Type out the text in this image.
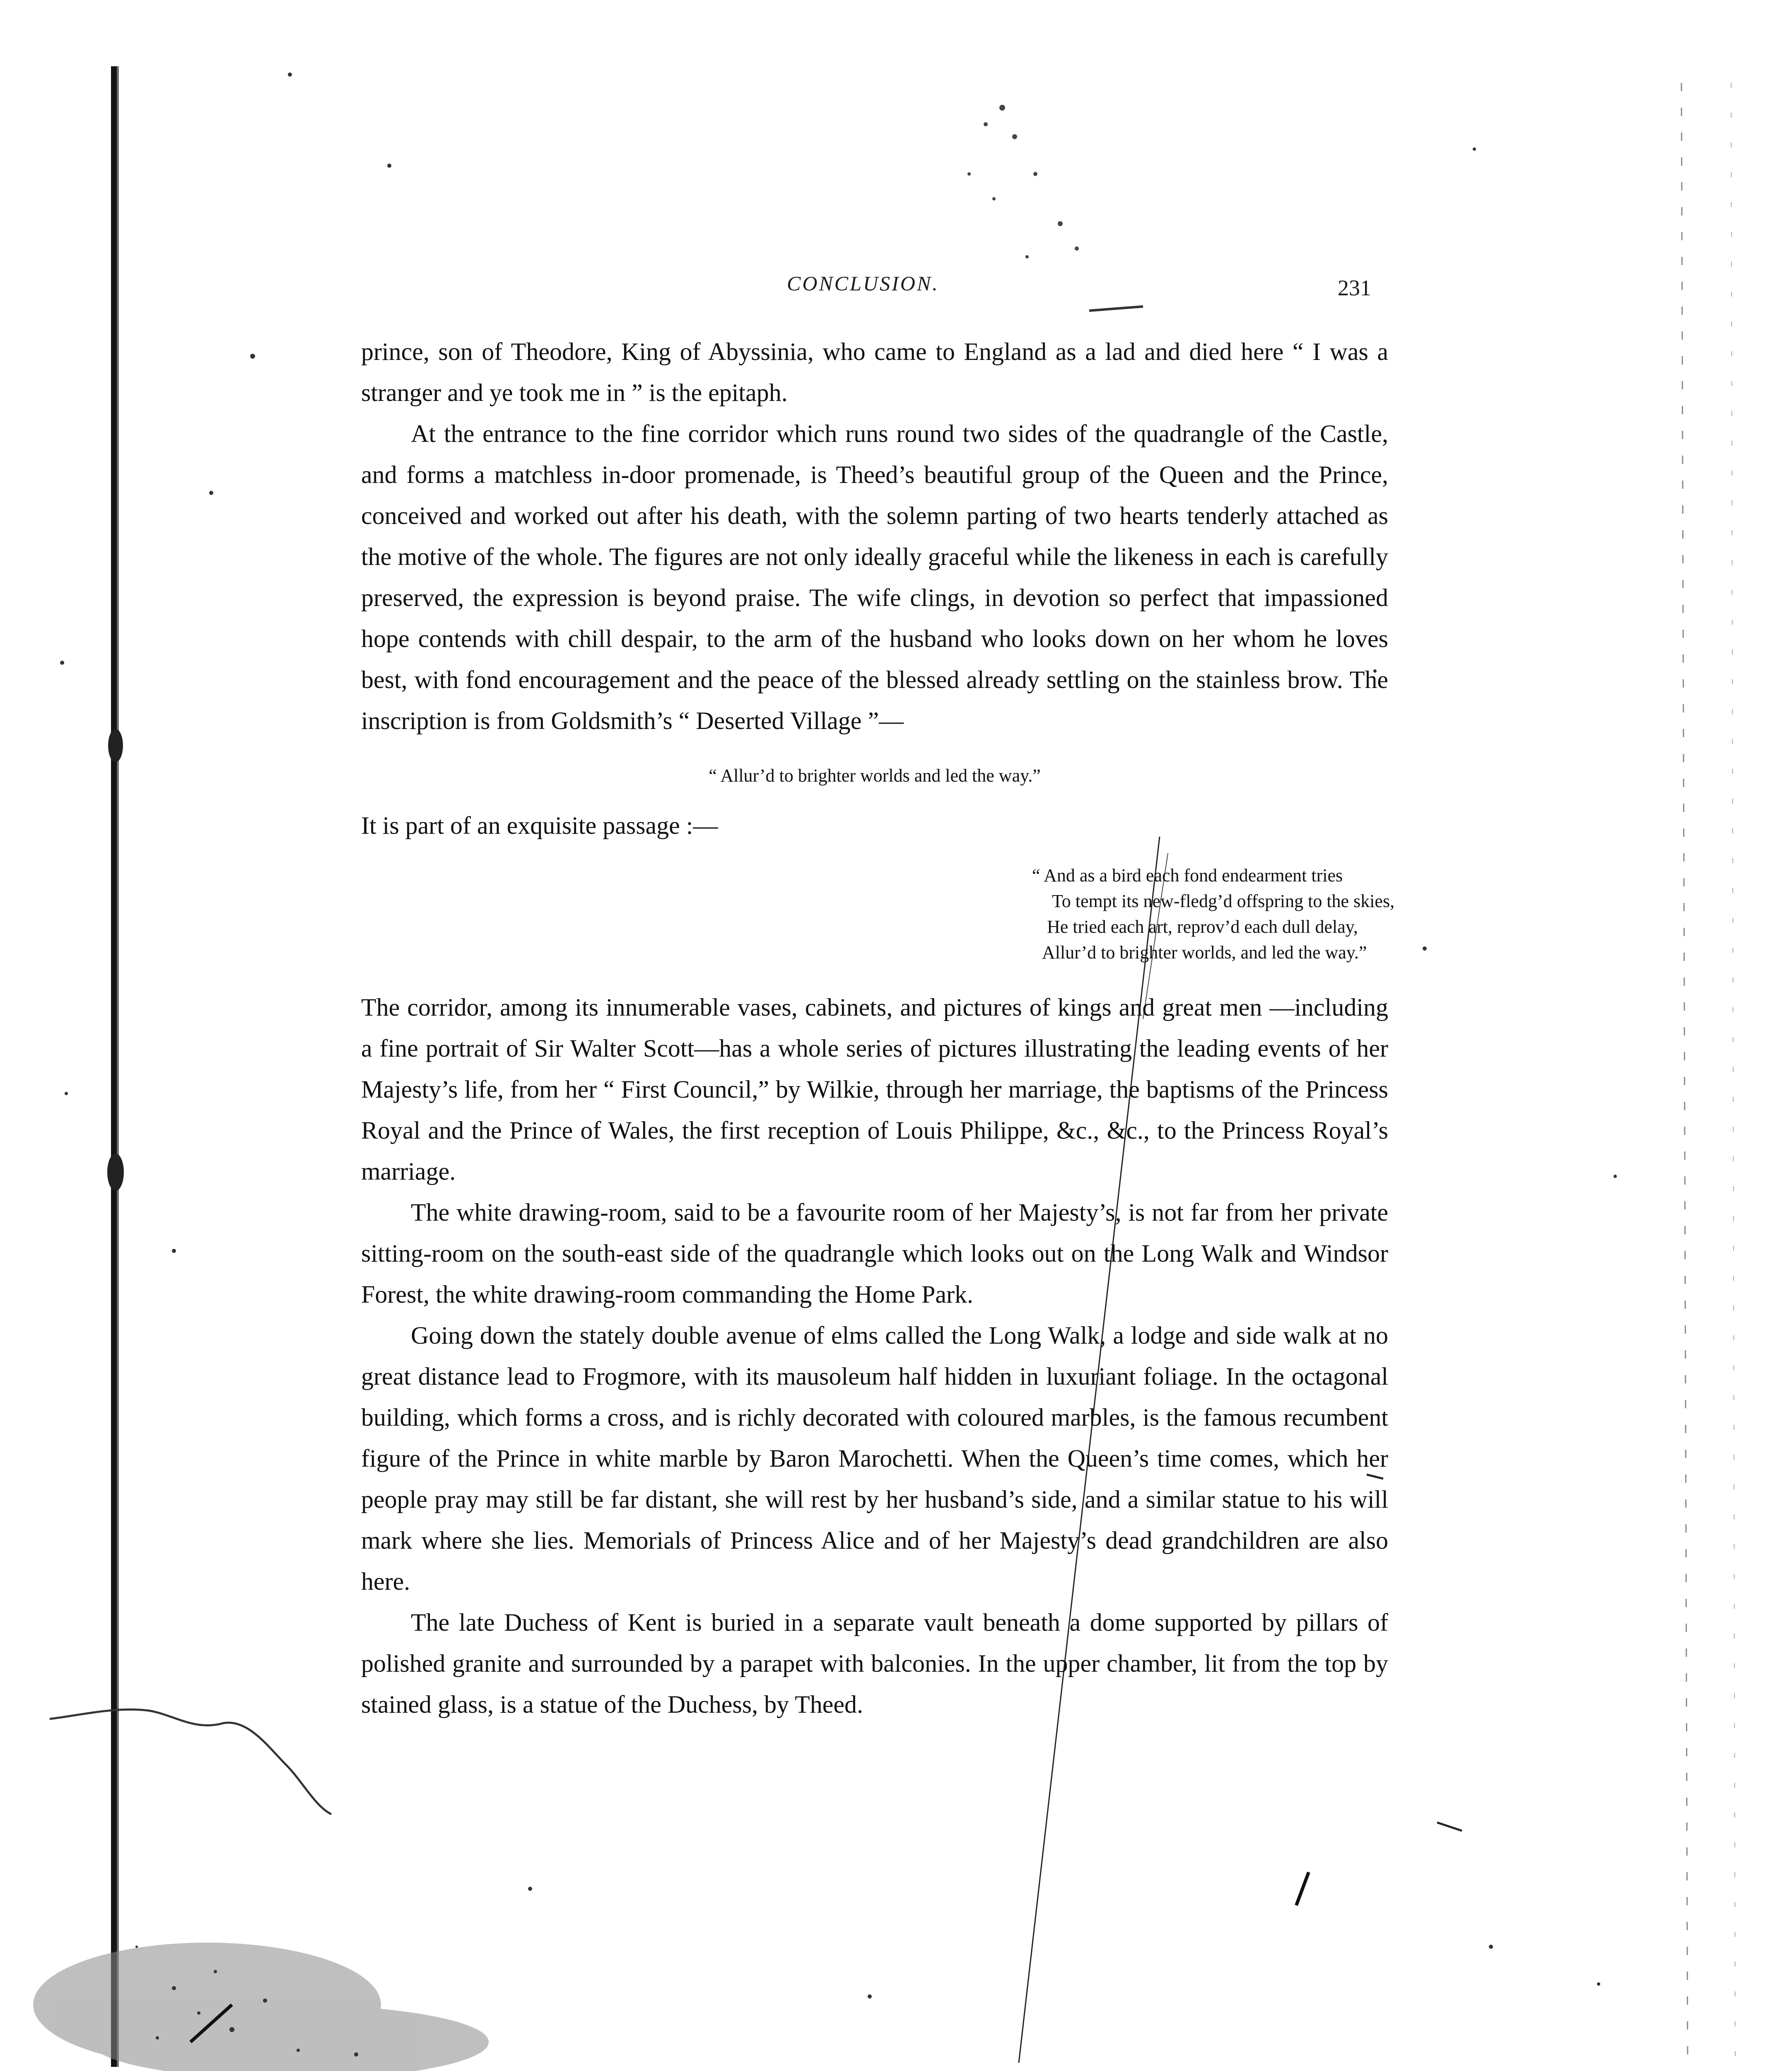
CONCLUSION.	231

prince, son of Theodore, King of Abyssinia, who came to England as a lad and died here “ I was a stranger and ye took me in ” is the epitaph.

At the entrance to the fine corridor which runs round two sides of the quadrangle of the Castle, and forms a matchless in-door promenade, is Theed’s beautiful group of the Queen and the Prince, conceived and worked out after his death, with the solemn parting of two hearts tenderly attached as the motive of the whole. The figures are not only ideally graceful while the likeness in each is carefully preserved, the expression is beyond praise. The wife clings, in devotion so perfect that impassioned hope contends with chill despair, to the arm of the husband who looks down on her whom he loves best, with fond encouragement and the peace of the blessed already settling on the stainless brow. The inscription is from Goldsmith’s “ Deserted Village ”—

“ Allur’d to brighter worlds and led the way.”

It is part of an exquisite passage :—

“ And as a bird each fond endearment tries
To tempt its new-fledg’d offspring to the skies,
He tried each art, reprov’d each dull delay,
Allur’d to brighter worlds, and led the way.”

The corridor, among its innumerable vases, cabinets, and pictures of kings and great men —including a fine portrait of Sir Walter Scott—has a whole series of pictures illustrating the leading events of her Majesty’s life, from her “ First Council,” by Wilkie, through her marriage, the baptisms of the Princess Royal and the Prince of Wales, the first reception of Louis Philippe, &c., &c., to the Princess Royal’s marriage.

The white drawing-room, said to be a favourite room of her Majesty’s, is not far from her private sitting-room on the south-east side of the quadrangle which looks out on the Long Walk and Windsor Forest, the white drawing-room commanding the Home Park.

Going down the stately double avenue of elms called the Long Walk, a lodge and side walk at no great distance lead to Frogmore, with its mausoleum half hidden in luxuriant foliage. In the octagonal building, which forms a cross, and is richly decorated with coloured marbles, is the famous recumbent figure of the Prince in white marble by Baron Marochetti. When the Queen’s time comes, which her people pray may still be far distant, she will rest by her husband’s side, and a similar statue to his will mark where she lies. Memorials of Princess Alice and of her Majesty’s dead grandchildren are also here.

The late Duchess of Kent is buried in a separate vault beneath a dome supported by pillars of polished granite and surrounded by a parapet with balconies. In the upper chamber, lit from the top by stained glass, is a statue of the Duchess, by Theed.
